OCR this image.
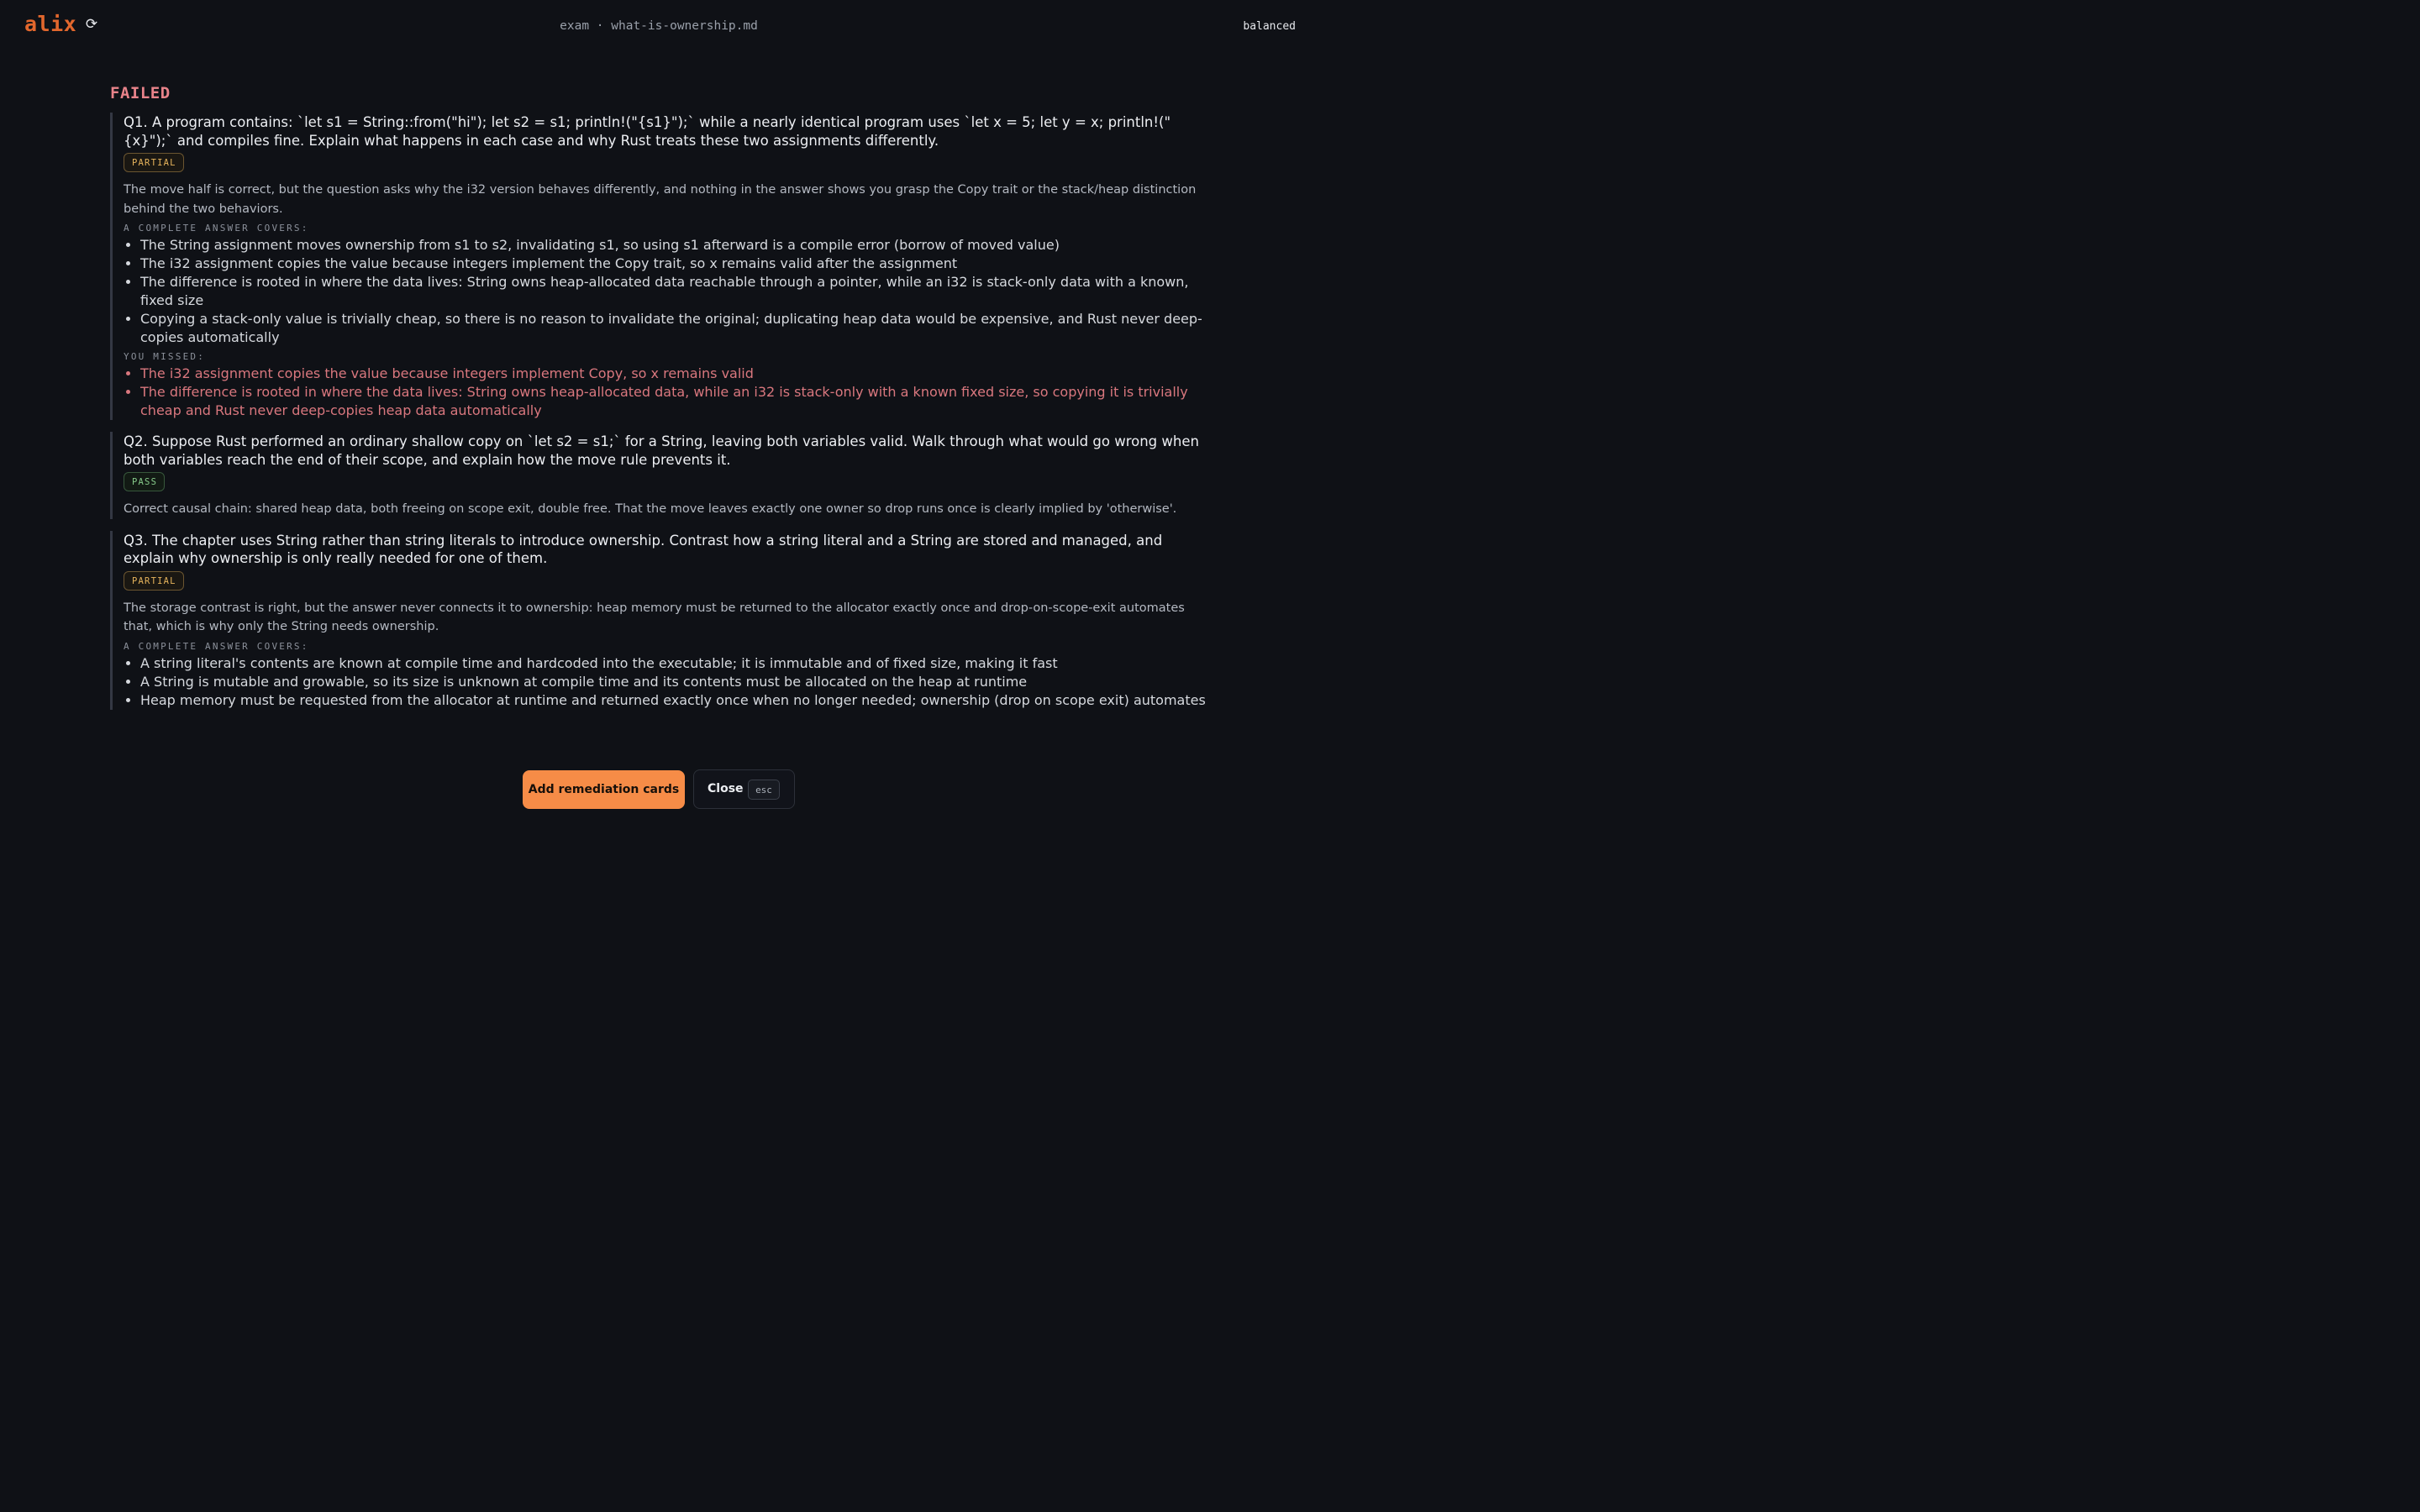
alix ⟳	exam · what-is-ownership.md	balanced
FAILED

Q1. A program contains: `let s1 = String::from("hi"); let s2 = s1; println!("{s1}");` while a nearly identical program uses `let x = 5; let y = x; println!("{x}");` and compiles fine. Explain what happens in each case and why Rust treats these two assignments differently.

PARTIAL
The move half is correct, but the question asks why the i32 version behaves differently, and nothing in the answer shows you grasp the Copy trait or the stack/heap distinction behind the two behaviors.
A COMPLETE ANSWER COVERS:
• The String assignment moves ownership from s1 to s2, invalidating s1, so using s1 afterward is a compile error (borrow of moved value)
• The i32 assignment copies the value because integers implement the Copy trait, so x remains valid after the assignment
• The difference is rooted in where the data lives: String owns heap-allocated data reachable through a pointer, while an i32 is stack-only data with a known, fixed size
• Copying a stack-only value is trivially cheap, so there is no reason to invalidate the original; duplicating heap data would be expensive, and Rust never deep-copies automatically
YOU MISSED:
• The i32 assignment copies the value because integers implement Copy, so x remains valid
• The difference is rooted in where the data lives: String owns heap-allocated data, while an i32 is stack-only with a known fixed size, so copying it is trivially cheap and Rust never deep-copies heap data automatically

Q2. Suppose Rust performed an ordinary shallow copy on `let s2 = s1;` for a String, leaving both variables valid. Walk through what would go wrong when both variables reach the end of their scope, and explain how the move rule prevents it.

PASS
Correct causal chain: shared heap data, both freeing on scope exit, double free. That the move leaves exactly one owner so drop runs once is clearly implied by 'otherwise'.

Q3. The chapter uses String rather than string literals to introduce ownership. Contrast how a string literal and a String are stored and managed, and explain why ownership is only really needed for one of them.

PARTIAL
The storage contrast is right, but the answer never connects it to ownership: heap memory must be returned to the allocator exactly once and drop-on-scope-exit automates that, which is why only the String needs ownership.
A COMPLETE ANSWER COVERS:
• A string literal's contents are known at compile time and hardcoded into the executable; it is immutable and of fixed size, making it fast
• A String is mutable and growable, so its size is unknown at compile time and its contents must be allocated on the heap at runtime
• Heap memory must be requested from the allocator at runtime and returned exactly once when no longer needed; ownership (drop on scope exit) automates
Add remediation cards	Close	esc
